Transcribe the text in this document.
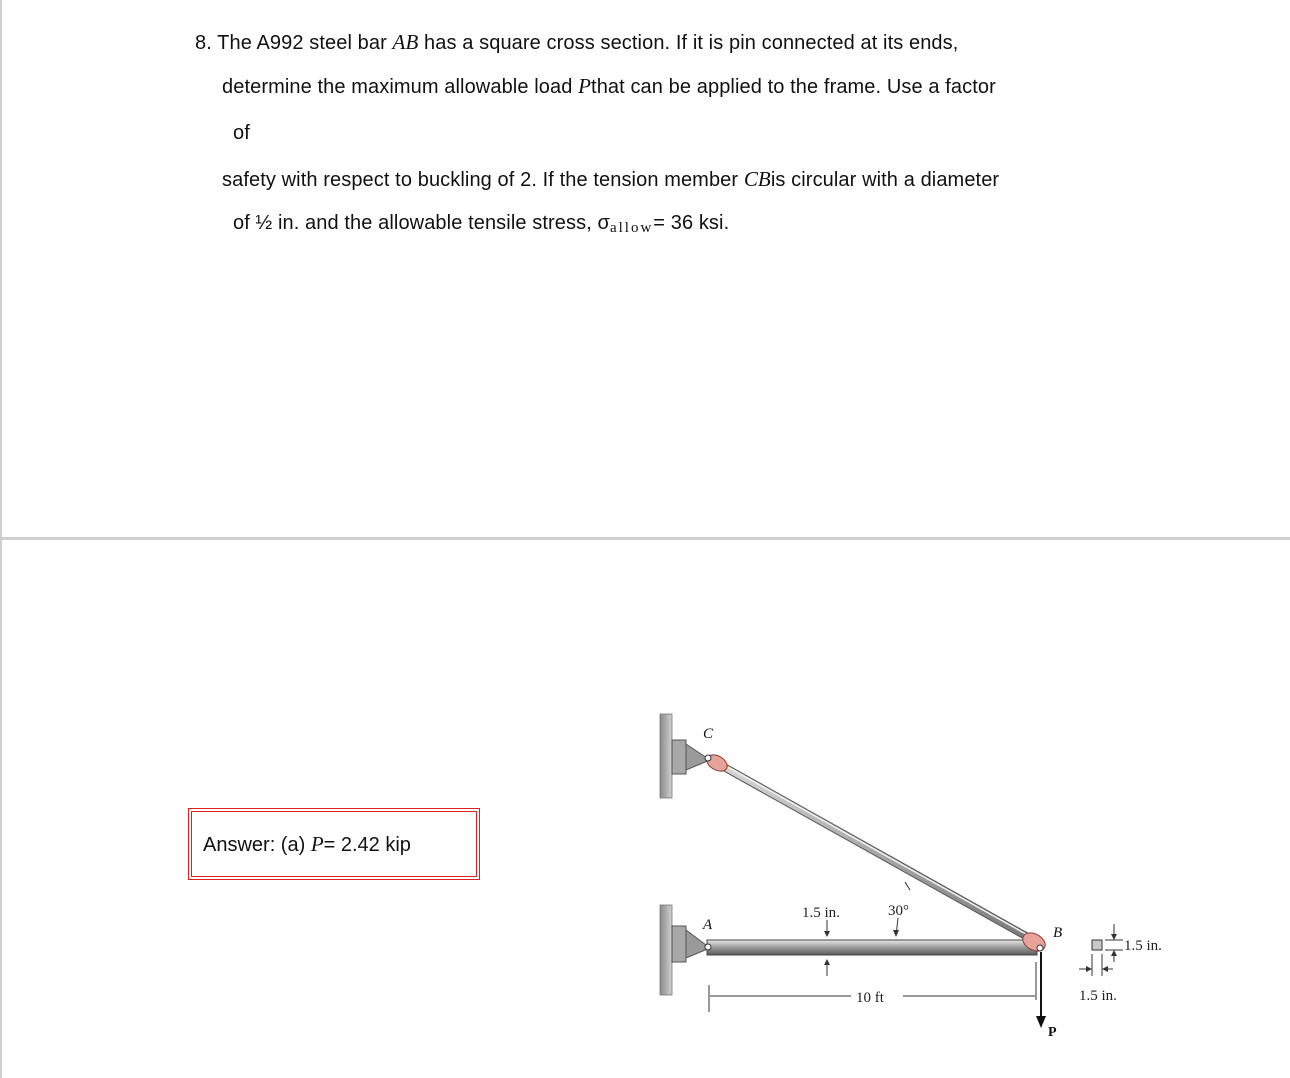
8. The A992 steel bar AB has a square cross section. If it is pin connected at its ends,
determine the maximum allowable load Pthat can be applied to the frame. Use a factor
of
safety with respect to buckling of 2. If the tension member CBis circular with a diameter
of ½ in. and the allowable tensile stress, σallow= 36 ksi.
Answer: (a) P= 2.42 kip
C
A	B
P
1.5 in.	30°
10 ft
1.5 in.
1.5 in.
